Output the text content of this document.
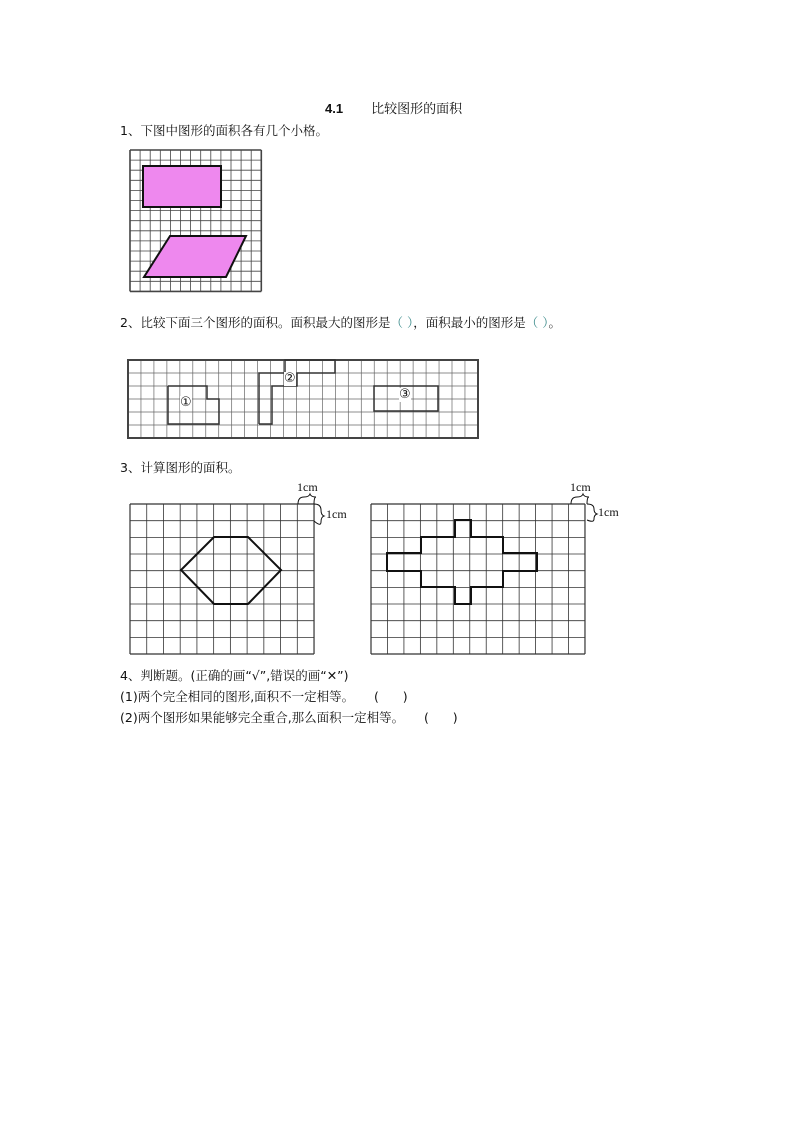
4.1 比较图形的面积
1、下图中图形的面积各有几个小格。
2、比较下面三个图形的面积。面积最大的图形是（ ），面积最小的图形是（ ）。
①
②
③
3、计算图形的面积。
1cm
1cm
1cm
1cm
4、判断题。(正确的画“√”,错误的画“✕”)
(1)两个完全相同的图形,面积不一定相等。     (      )
(2)两个图形如果能够完全重合,那么面积一定相等。     (      )
